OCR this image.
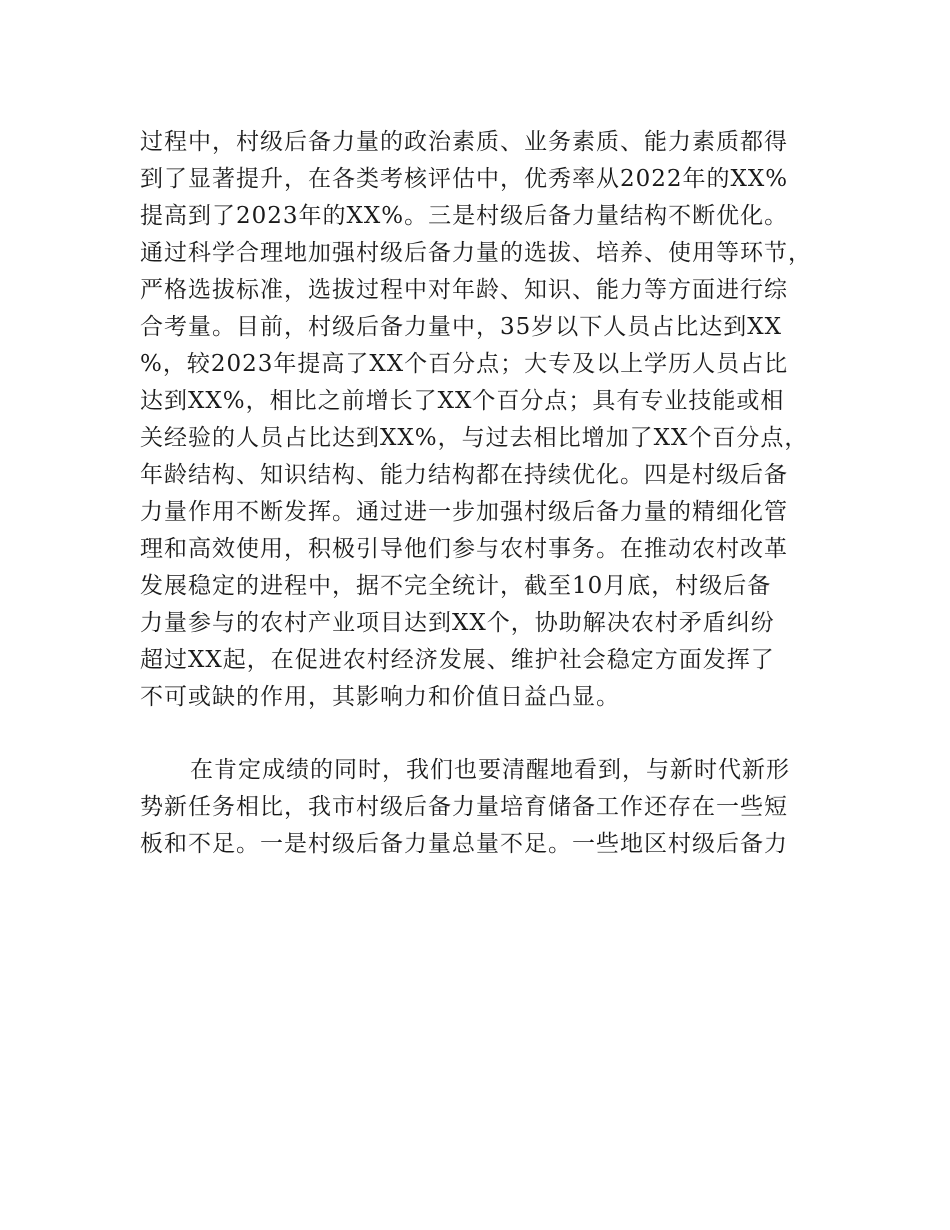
过程中，村级后备力量的政治素质、业务素质、能力素质都得
到了显著提升，在各类考核评估中，优秀率从2022年的XX%
提高到了2023年的XX%。三是村级后备力量结构不断优化。
通过科学合理地加强村级后备力量的选拔、培养、使用等环节，
严格选拔标准，选拔过程中对年龄、知识、能力等方面进行综
合考量。目前，村级后备力量中，35岁以下人员占比达到XX
%，较2023年提高了XX个百分点；大专及以上学历人员占比
达到XX%，相比之前增长了XX个百分点；具有专业技能或相
关经验的人员占比达到XX%，与过去相比增加了XX个百分点，
年龄结构、知识结构、能力结构都在持续优化。四是村级后备
力量作用不断发挥。通过进一步加强村级后备力量的精细化管
理和高效使用，积极引导他们参与农村事务。在推动农村改革
发展稳定的进程中，据不完全统计，截至10月底，村级后备
力量参与的农村产业项目达到XX个，协助解决农村矛盾纠纷
超过XX起，在促进农村经济发展、维护社会稳定方面发挥了
不可或缺的作用，其影响力和价值日益凸显。
在肯定成绩的同时，我们也要清醒地看到，与新时代新形
势新任务相比，我市村级后备力量培育储备工作还存在一些短
板和不足。一是村级后备力量总量不足。一些地区村级后备力
